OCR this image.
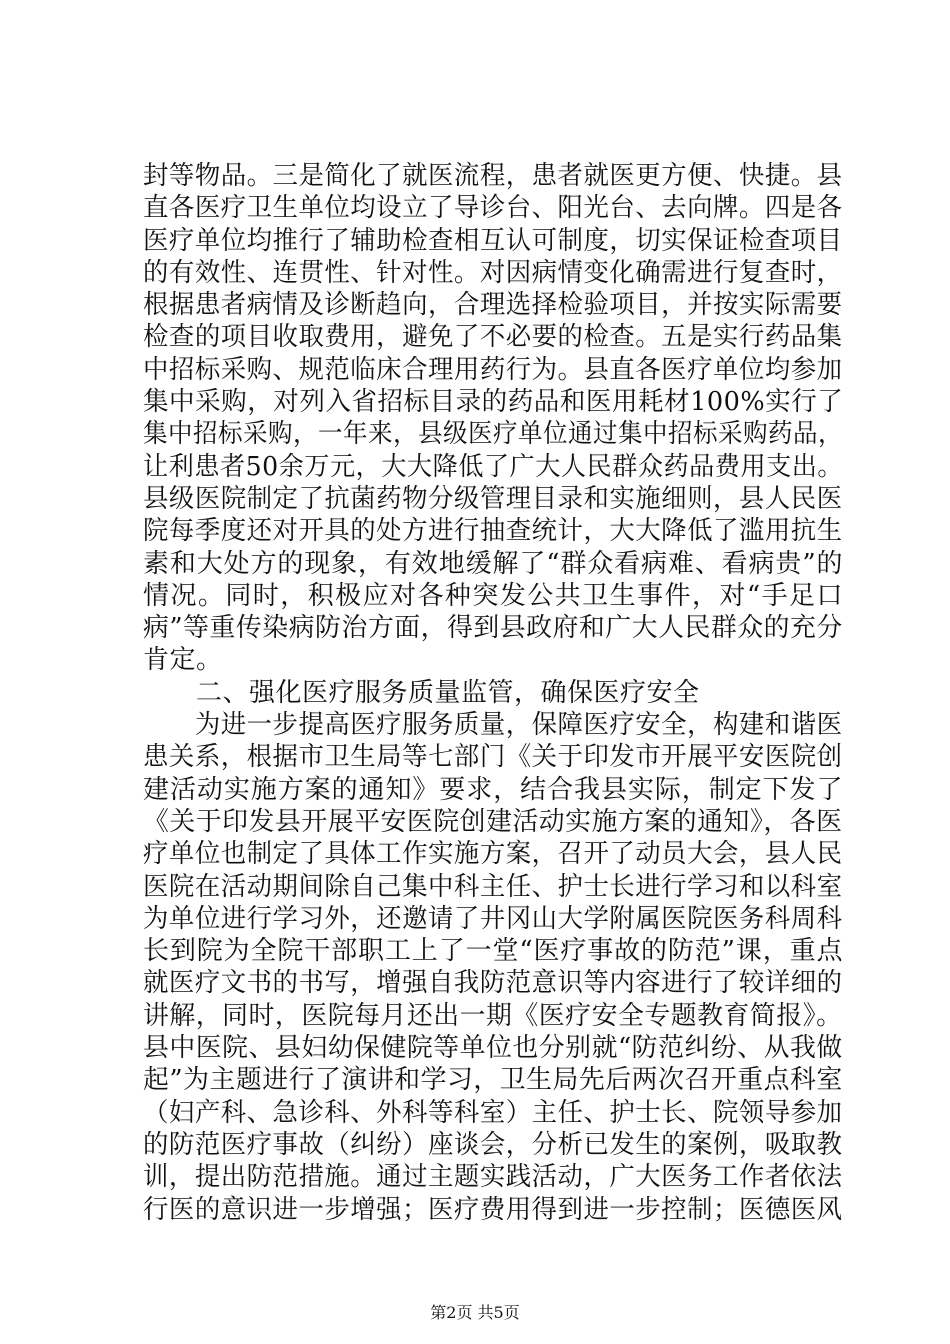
封等物品。三是简化了就医流程，患者就医更方便、快捷。县
直各医疗卫生单位均设立了导诊台、阳光台、去向牌。四是各
医疗单位均推行了辅助检查相互认可制度，切实保证检查项目
的有效性、连贯性、针对性。对因病情变化确需进行复查时，
根据患者病情及诊断趋向，合理选择检验项目，并按实际需要
检查的项目收取费用，避免了不必要的检查。五是实行药品集
中招标采购、规范临床合理用药行为。县直各医疗单位均参加
集中采购，对列入省招标目录的药品和医用耗材100%实行了
集中招标采购，一年来，县级医疗单位通过集中招标采购药品，
让利患者50余万元，大大降低了广大人民群众药品费用支出。
县级医院制定了抗菌药物分级管理目录和实施细则，县人民医
院每季度还对开具的处方进行抽查统计，大大降低了滥用抗生
素和大处方的现象，有效地缓解了“群众看病难、看病贵”的
情况。同时，积极应对各种突发公共卫生事件，对“手足口
病”等重传染病防治方面，得到县政府和广大人民群众的充分
肯定。
　　二、强化医疗服务质量监管，确保医疗安全
　　为进一步提高医疗服务质量，保障医疗安全，构建和谐医
患关系，根据市卫生局等七部门《关于印发市开展平安医院创
建活动实施方案的通知》要求，结合我县实际，制定下发了
《关于印发县开展平安医院创建活动实施方案的通知》，各医
疗单位也制定了具体工作实施方案，召开了动员大会，县人民
医院在活动期间除自己集中科主任、护士长进行学习和以科室
为单位进行学习外，还邀请了井冈山大学附属医院医务科周科
长到院为全院干部职工上了一堂“医疗事故的防范”课，重点
就医疗文书的书写，增强自我防范意识等内容进行了较详细的
讲解，同时，医院每月还出一期《医疗安全专题教育简报》。
县中医院、县妇幼保健院等单位也分别就“防范纠纷、从我做
起”为主题进行了演讲和学习，卫生局先后两次召开重点科室
（妇产科、急诊科、外科等科室）主任、护士长、院领导参加
的防范医疗事故（纠纷）座谈会，分析已发生的案例，吸取教
训，提出防范措施。通过主题实践活动，广大医务工作者依法
行医的意识进一步增强；医疗费用得到进一步控制；医德医风
第2页 共5页
